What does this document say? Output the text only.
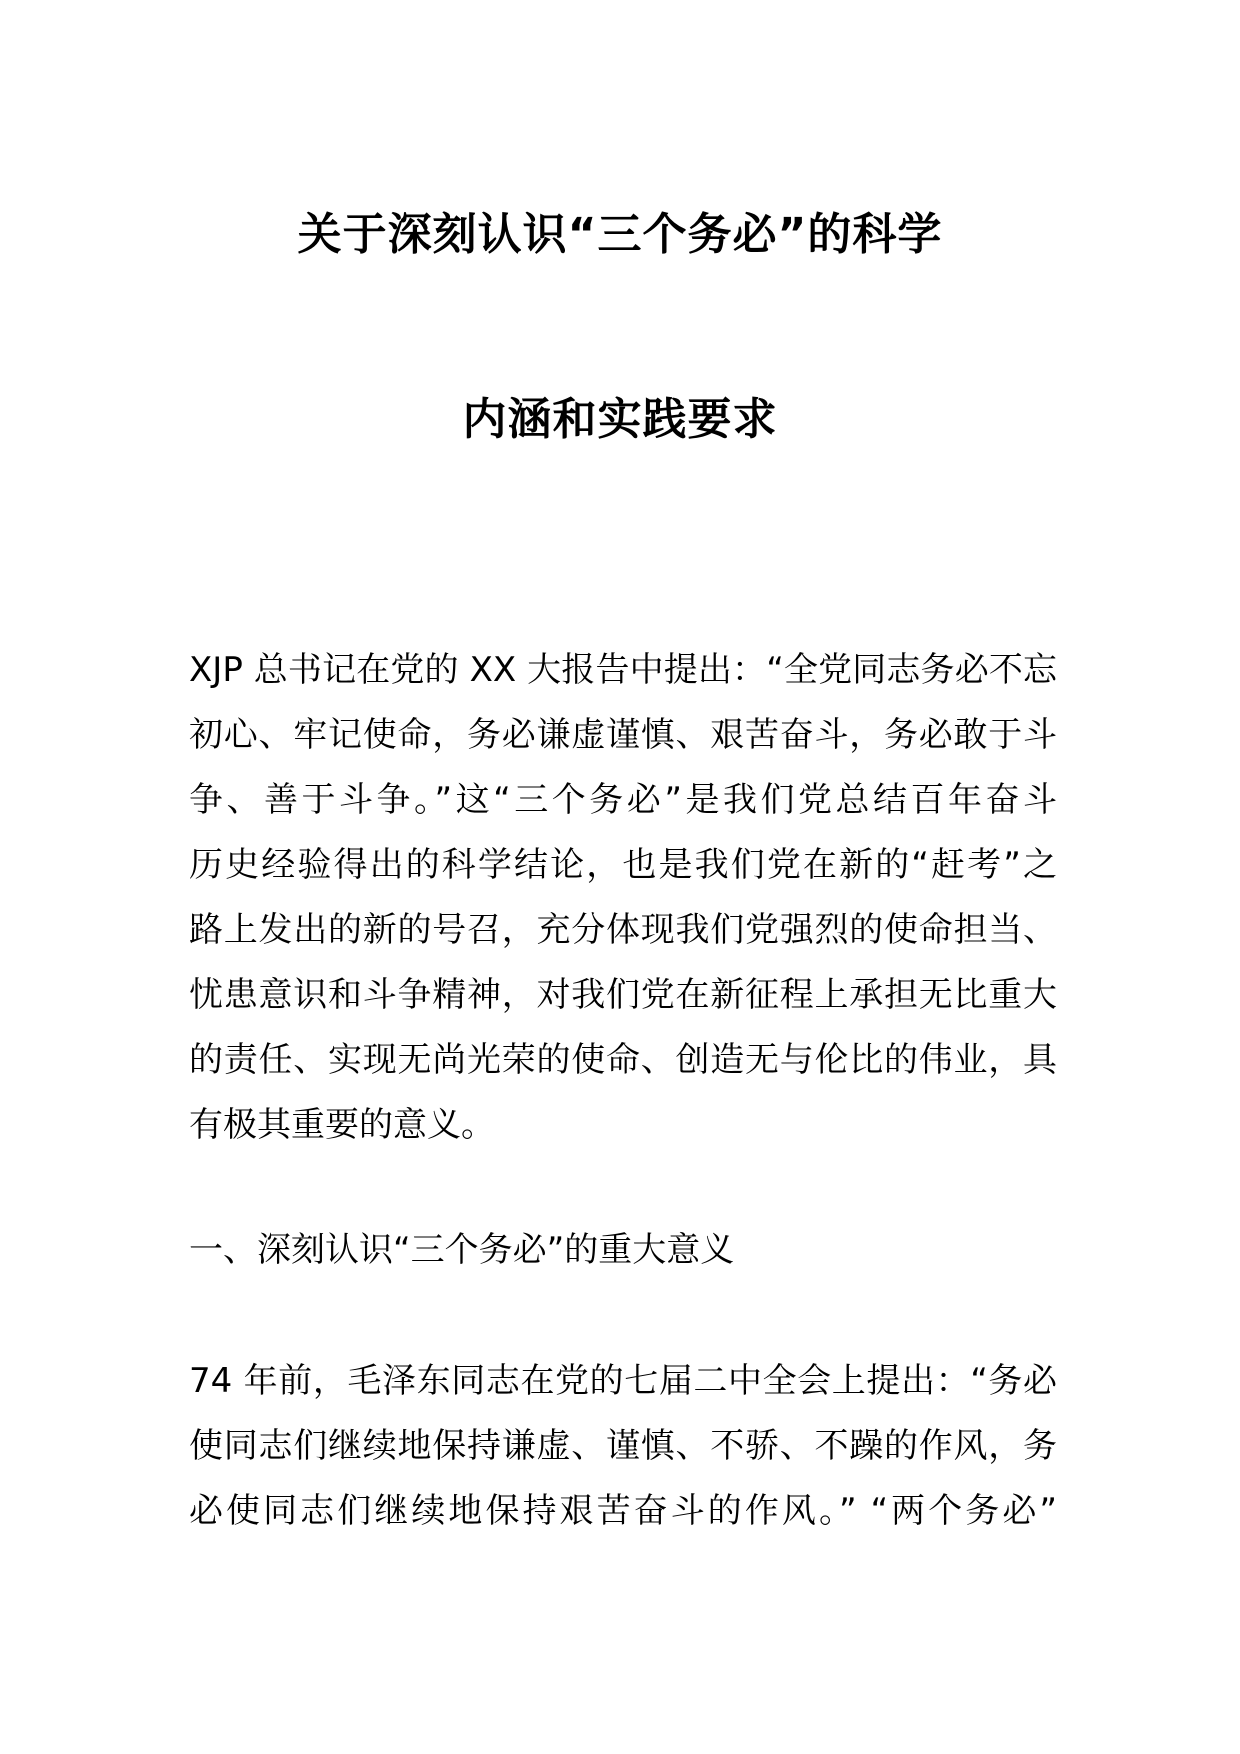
关于深刻认识“三个务必”的科学
内涵和实践要求
XJP 总书记在党的 XX 大报告中提出：“全党同志务必不忘
初心、牢记使命，务必谦虚谨慎、艰苦奋斗，务必敢于斗
争、善于斗争。”这“三个务必”是我们党总结百年奋斗
历史经验得出的科学结论，也是我们党在新的“赶考”之
路上发出的新的号召，充分体现我们党强烈的使命担当、
忧患意识和斗争精神，对我们党在新征程上承担无比重大
的责任、实现无尚光荣的使命、创造无与伦比的伟业，具
有极其重要的意义。
一、深刻认识“三个务必”的重大意义
74 年前，毛泽东同志在党的七届二中全会上提出：“务必
使同志们继续地保持谦虚、谨慎、不骄、不躁的作风，务
必使同志们继续地保持艰苦奋斗的作风。” “两个务必”
